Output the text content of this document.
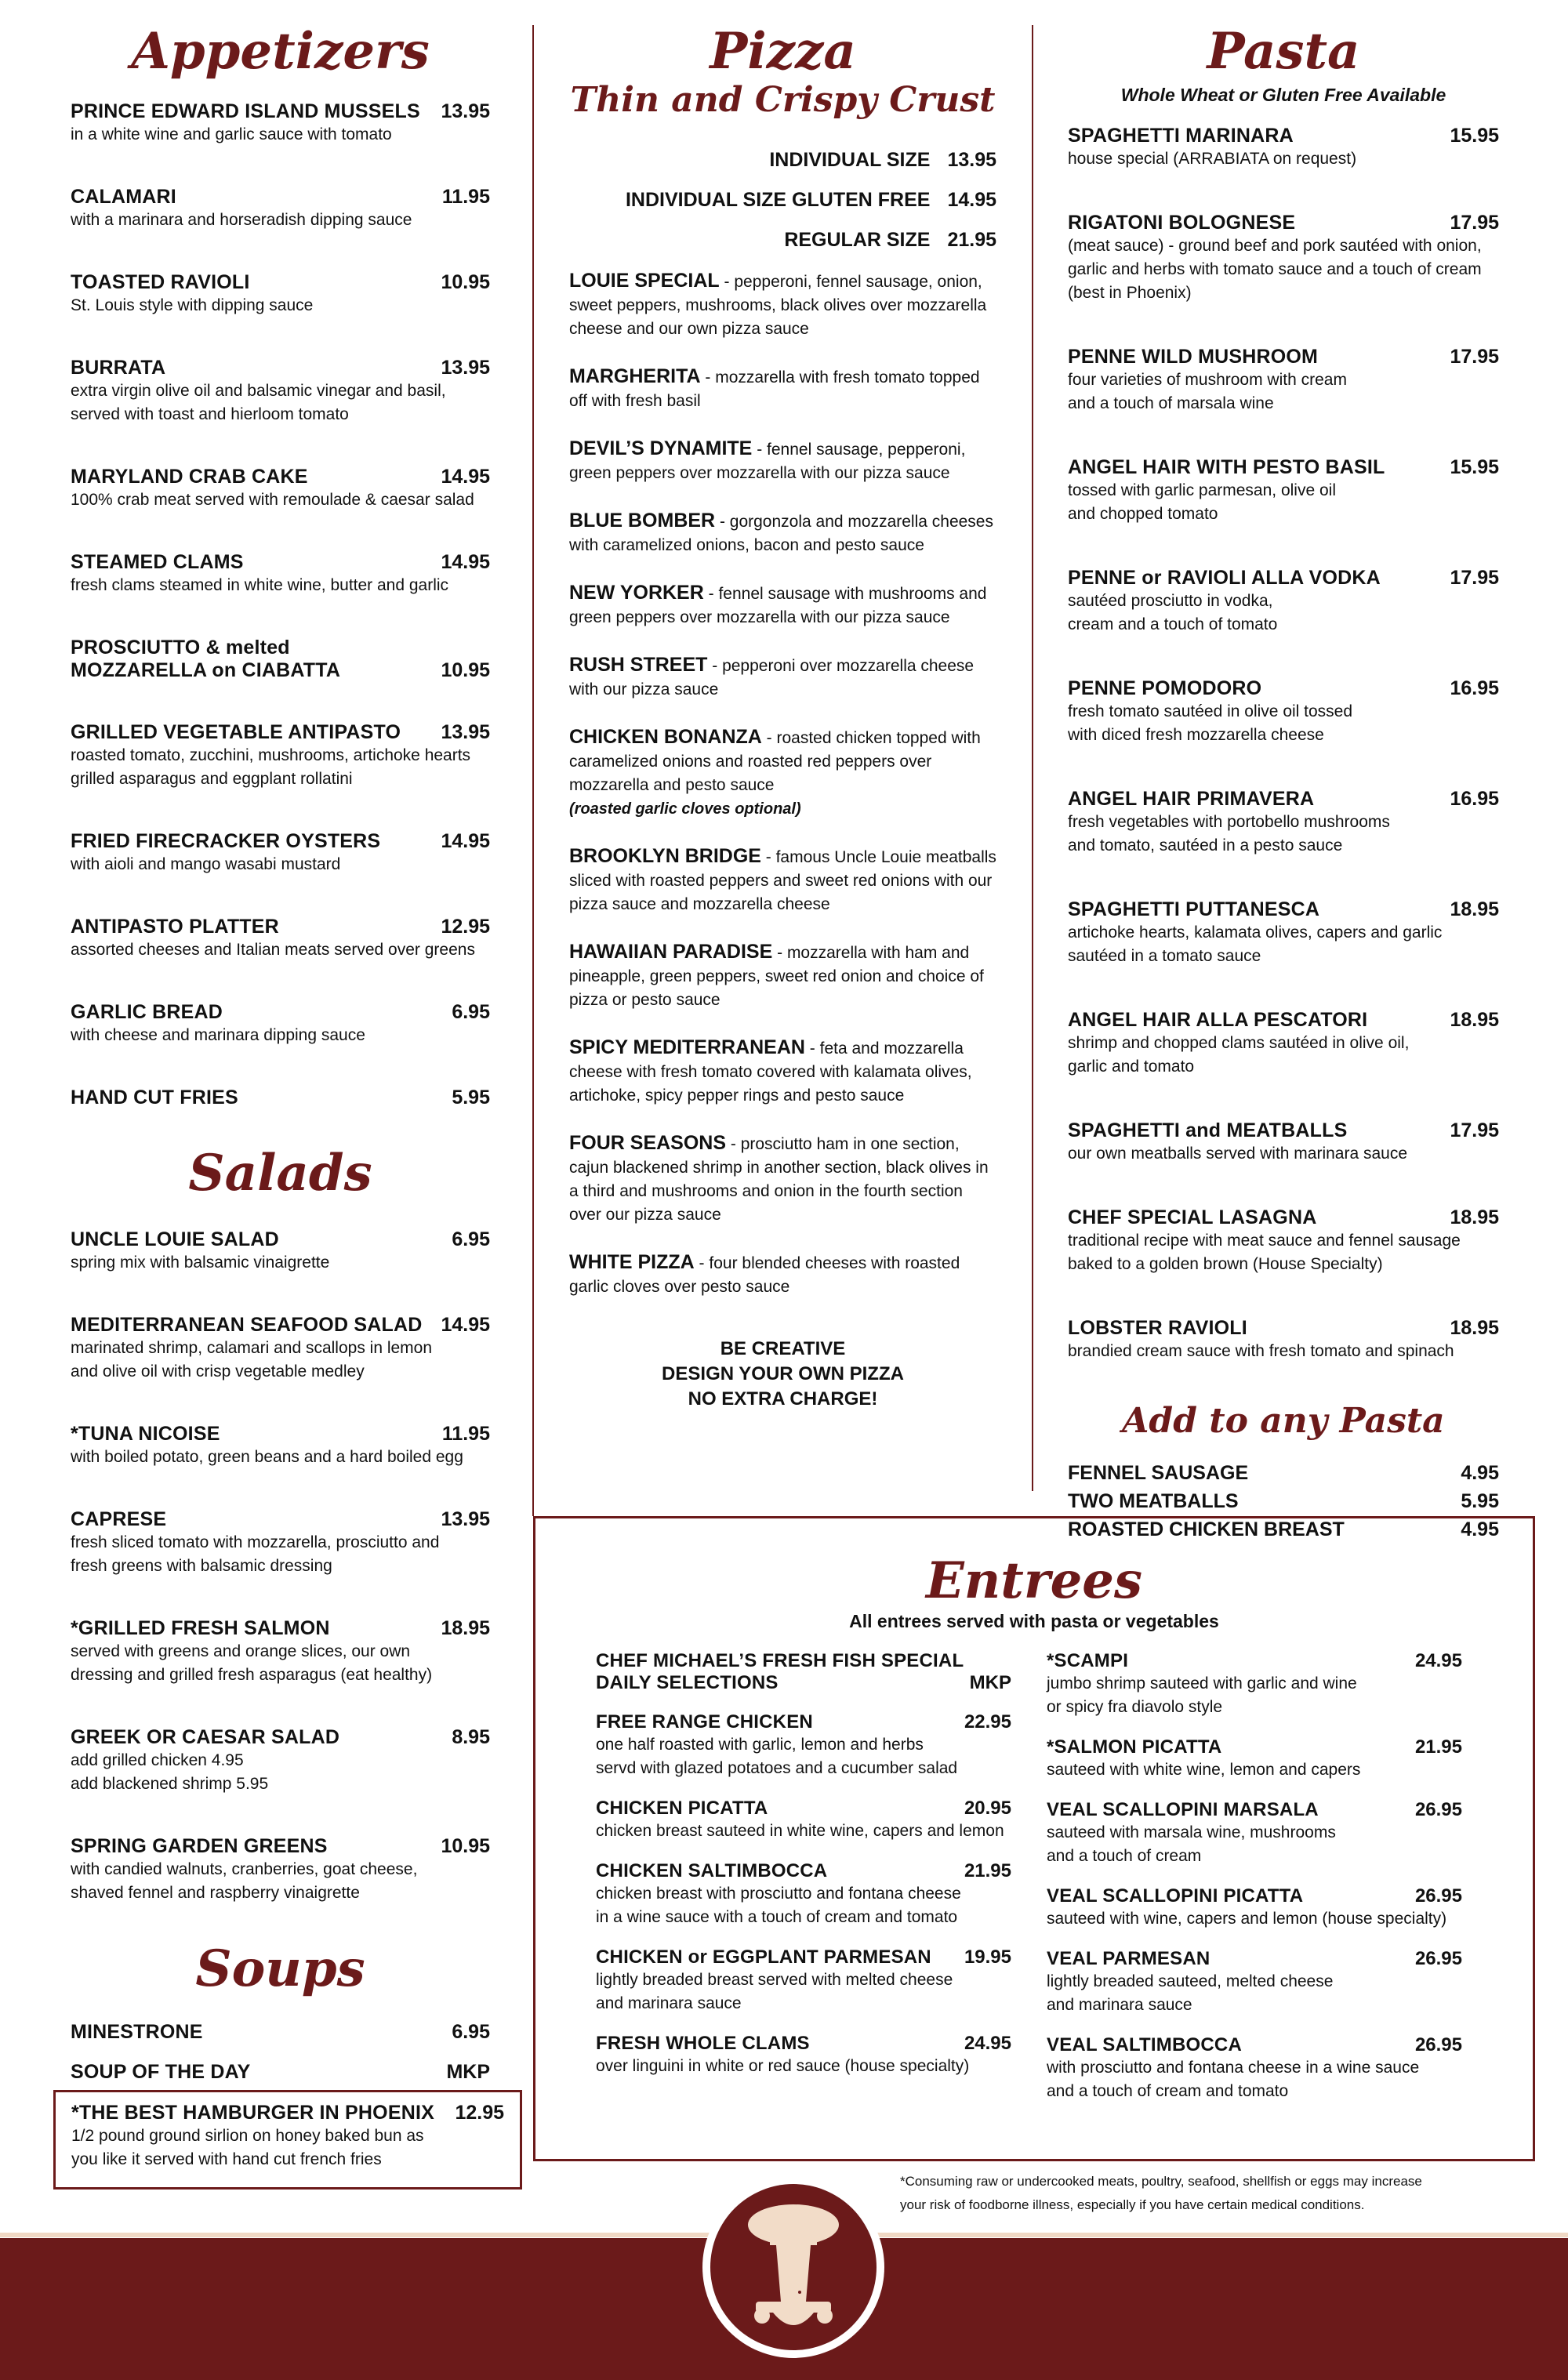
Appetizers
PRINCE EDWARD ISLAND MUSSELS 13.95
in a white wine and garlic sauce with tomato
CALAMARI	11.95
with a marinara and horseradish dipping sauce
TOASTED RAVIOLI	10.95
St. Louis style with dipping sauce
BURRATA	13.95
extra virgin olive oil and balsamic vinegar and basil,
served with toast and hierloom tomato
MARYLAND CRAB CAKE	14.95
100% crab meat served with remoulade & caesar salad
STEAMED CLAMS	14.95
fresh clams steamed in white wine, butter and garlic
PROSCIUTTO & melted
MOZZARELLA on CIABATTA	10.95
GRILLED VEGETABLE ANTIPASTO 13.95
roasted tomato, zucchini, mushrooms, artichoke hearts
grilled asparagus and eggplant rollatini
FRIED FIRECRACKER OYSTERS	14.95
with aioli and mango wasabi mustard
ANTIPASTO PLATTER	12.95
assorted cheeses and Italian meats served over greens
GARLIC BREAD	6.95
with cheese and marinara dipping sauce
HAND CUT FRIES	5.95
Salads
UNCLE LOUIE SALAD	6.95
spring mix with balsamic vinaigrette
MEDITERRANEAN SEAFOOD SALAD 14.95
marinated shrimp, calamari and scallops in lemon
and olive oil with crisp vegetable medley
*TUNA NICOISE	11.95
with boiled potato, green beans and a hard boiled egg
CAPRESE	13.95
fresh sliced tomato with mozzarella, prosciutto and
fresh greens with balsamic dressing
*GRILLED FRESH SALMON	18.95
served with greens and orange slices, our own
dressing and grilled fresh asparagus (eat healthy)
GREEK OR CAESAR SALAD	8.95
add grilled chicken 4.95
add blackened shrimp 5.95
SPRING GARDEN GREENS	10.95
with candied walnuts, cranberries, goat cheese,
shaved fennel and raspberry vinaigrette
Soups
MINESTRONE	6.95
SOUP OF THE DAY	MKP
Pizza
Thin and Crispy Crust
INDIVIDUAL SIZE 13.95
INDIVIDUAL SIZE GLUTEN FREE 14.95
REGULAR SIZE 21.95
LOUIE SPECIAL - pepperoni, fennel sausage, onion, sweet peppers, mushrooms, black olives over mozzarella cheese and our own pizza sauce
MARGHERITA - mozzarella with fresh tomato topped off with fresh basil
DEVIL’S DYNAMITE - fennel sausage, pepperoni, green peppers over mozzarella with our pizza sauce
BLUE BOMBER - gorgonzola and mozzarella cheeses with caramelized onions, bacon and pesto sauce
NEW YORKER - fennel sausage with mushrooms and green peppers over mozzarella with our pizza sauce
RUSH STREET - pepperoni over mozzarella cheese with our pizza sauce
CHICKEN BONANZA - roasted chicken topped with caramelized onions and roasted red peppers over mozzarella and pesto sauce
(roasted garlic cloves optional)
BROOKLYN BRIDGE - famous Uncle Louie meatballs sliced with roasted peppers and sweet red onions with our pizza sauce and mozzarella cheese
HAWAIIAN PARADISE - mozzarella with ham and pineapple, green peppers, sweet red onion and choice of pizza or pesto sauce
SPICY MEDITERRANEAN - feta and mozzarella cheese with fresh tomato covered with kalamata olives, artichoke, spicy pepper rings and pesto sauce
FOUR SEASONS - prosciutto ham in one section, cajun blackened shrimp in another section, black olives in a third and mushrooms and onion in the fourth section over our pizza sauce
WHITE PIZZA - four blended cheeses with roasted garlic cloves over pesto sauce
BE CREATIVE
DESIGN YOUR OWN PIZZA
NO EXTRA CHARGE!
Pasta
Whole Wheat or Gluten Free Available
SPAGHETTI MARINARA	15.95
house special (ARRABIATA on request)
RIGATONI BOLOGNESE	17.95
(meat sauce) - ground beef and pork sautéed with onion,
garlic and herbs with tomato sauce and a touch of cream
(best in Phoenix)
PENNE WILD MUSHROOM	17.95
four varieties of mushroom with cream
and a touch of marsala wine
ANGEL HAIR WITH PESTO BASIL	15.95
tossed with garlic parmesan, olive oil
and chopped tomato
PENNE or RAVIOLI ALLA VODKA	17.95
sautéed prosciutto in vodka,
cream and a touch of tomato
PENNE POMODORO	16.95
fresh tomato sautéed in olive oil tossed
with diced fresh mozzarella cheese
ANGEL HAIR PRIMAVERA	16.95
fresh vegetables with portobello mushrooms
and tomato, sautéed in a pesto sauce
SPAGHETTI PUTTANESCA	18.95
artichoke hearts, kalamata olives, capers and garlic
sautéed in a tomato sauce
ANGEL HAIR ALLA PESCATORI	18.95
shrimp and chopped clams sautéed in olive oil,
garlic and tomato
SPAGHETTI and MEATBALLS	17.95
our own meatballs served with marinara sauce
CHEF SPECIAL LASAGNA	18.95
traditional recipe with meat sauce and fennel sausage
baked to a golden brown (House Specialty)
LOBSTER RAVIOLI	18.95
brandied cream sauce with fresh tomato and spinach
Add to any Pasta
FENNEL SAUSAGE	4.95
TWO MEATBALLS	5.95
ROASTED CHICKEN BREAST	4.95
Entrees
All entrees served with pasta or vegetables
CHEF MICHAEL’S FRESH FISH SPECIAL
DAILY SELECTIONS	MKP
FREE RANGE CHICKEN	22.95
one half roasted with garlic, lemon and herbs
servd with glazed potatoes and a cucumber salad
CHICKEN PICATTA	20.95
chicken breast sauteed in white wine, capers and lemon
CHICKEN SALTIMBOCCA	21.95
chicken breast with prosciutto and fontana cheese
in a wine sauce with a touch of cream and tomato
CHICKEN or EGGPLANT PARMESAN 19.95
lightly breaded breast served with melted cheese
and marinara sauce
FRESH WHOLE CLAMS	24.95
over linguini in white or red sauce (house specialty)
*SCAMPI	24.95
jumbo shrimp sauteed with garlic and wine
or spicy fra diavolo style
*SALMON PICATTA	21.95
sauteed with white wine, lemon and capers
VEAL SCALLOPINI MARSALA	26.95
sauteed with marsala wine, mushrooms
and a touch of cream
VEAL SCALLOPINI PICATTA	26.95
sauteed with wine, capers and lemon (house specialty)
VEAL PARMESAN	26.95
lightly breaded sauteed, melted cheese
and marinara sauce
VEAL SALTIMBOCCA	26.95
with prosciutto and fontana cheese in a wine sauce
and a touch of cream and tomato
*THE BEST HAMBURGER IN PHOENIX 12.95
1/2 pound ground sirlion on honey baked bun as
you like it served with hand cut french fries
*Consuming raw or undercooked meats, poultry, seafood, shellfish or eggs may increase
your risk of foodborne illness, especially if you have certain medical conditions.
